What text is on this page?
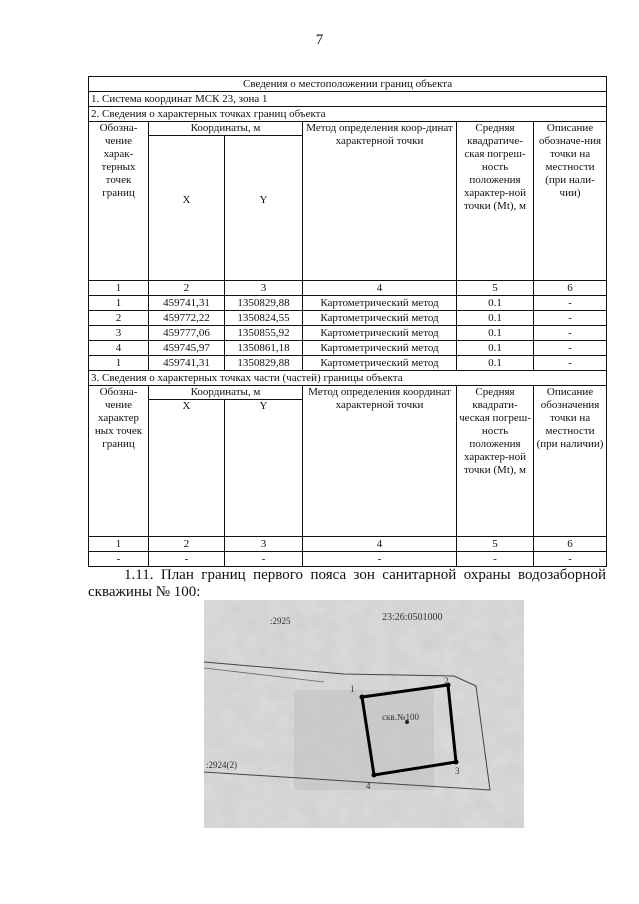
7
Сведения о местоположении границ объекта					
1. Система координат МСК 23, зона 1					
2. Сведения о характерных точках границ объекта					
Обозна-чение харак-терных точек границ	Координаты, м		Метод определения коор-динат характерной точки	Средняя квадратиче-ская погреш-ность положения характер-ной точки (Mt), м	Описание обозначе-ния точки на местности (при нали-чии)

	X	Y			

1	2	3	4	5	6
1	459741,31	1350829,88	Картометрический метод	0.1	-
2	459772,22	1350824,55	Картометрический метод	0.1	-
3	459777,06	1350855,92	Картометрический метод	0.1	-
4	459745,97	1350861,18	Картометрический метод	0.1	-
1	459741,31	1350829,88	Картометрический метод	0.1	-
3. Сведения о характерных точках части (частей) границы объекта					
Обозна-чение характер ных точек границ	Координаты, м		Метод определения координат характерной точки	Средняя квадрати-ческая погреш-ность положения характер-ной точки (Mt), м	Описание обозначения точки на местности (при наличии)

	X	Y			

1	2	3	4	5	6
-	-	-	-	-	-
1.11. План границ первого пояса зон санитарной охраны водозаборной
скважины № 100:
:2925	23:26:0501000
:2924(2)
скв.№100
1
2
3
4
